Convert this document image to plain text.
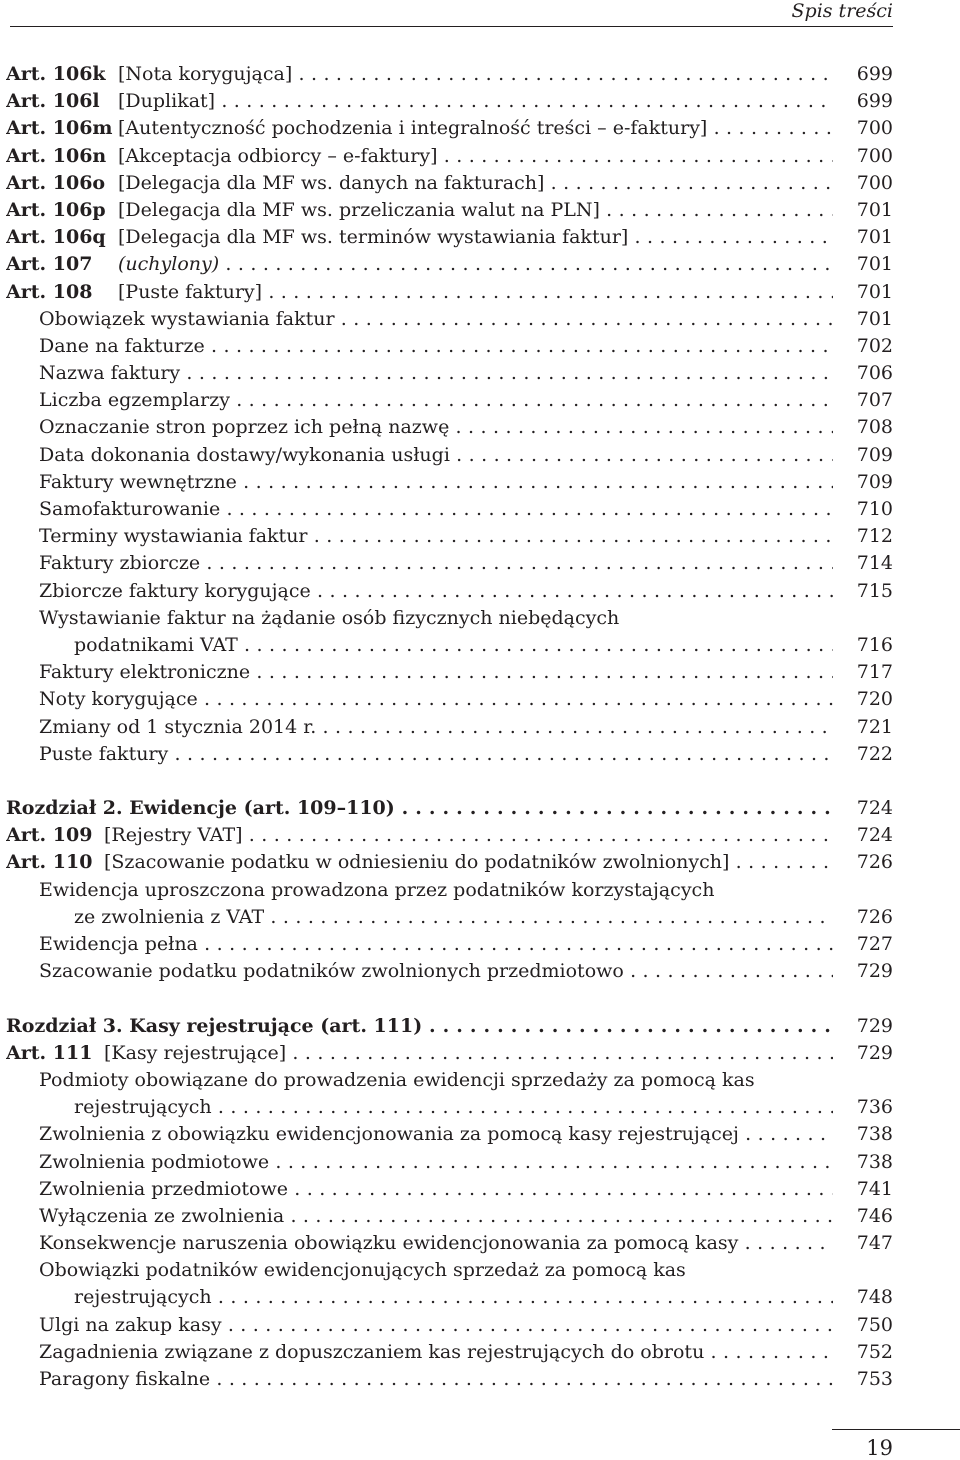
Spis treści
Art. 106k [Nota korygująca] . . .	699
Art. 106l [Duplikat] . . .	699
Art. 106m [Autentyczność pochodzenia i integralność treści – e-faktury] . . .	700
Art. 106n [Akceptacja odbiorcy – e-faktury] . . .	700
Art. 106o [Delegacja dla MF ws. danych na fakturach] . . .	700
Art. 106p [Delegacja dla MF ws. przeliczania walut na PLN] . . .	701
Art. 106q [Delegacja dla MF ws. terminów wystawiania faktur] . . .	701
Art. 107 (uchylony) . . .	701
Art. 108 [Puste faktury] . . .	701
Obowiązek wystawiania faktur . . .	701
Dane na fakturze . . .	702
Nazwa faktury . . .	706
Liczba egzemplarzy . . .	707
Oznaczanie stron poprzez ich pełną nazwę . . .	708
Data dokonania dostawy/wykonania usługi . . .	709
Faktury wewnętrzne . . .	709
Samofakturowanie . . .	710
Terminy wystawiania faktur . . .	712
Faktury zbiorcze . . .	714
Zbiorcze faktury korygujące . . .	715
Wystawianie faktur na żądanie osób fizycznych niebędących
podatnikami VAT . . .	716
Faktury elektroniczne . . .	717
Noty korygujące . . .	720
Zmiany od 1 stycznia 2014 r. . . .	721
Puste faktury . . .	722
Rozdział 2. Ewidencje (art. 109–110) . . .	724
Art. 109 [Rejestry VAT] . . .	724
Art. 110 [Szacowanie podatku w odniesieniu do podatników zwolnionych] . . .	726
Ewidencja uproszczona prowadzona przez podatników korzystających
ze zwolnienia z VAT . . .	726
Ewidencja pełna . . .	727
Szacowanie podatku podatników zwolnionych przedmiotowo . . .	729
Rozdział 3. Kasy rejestrujące (art. 111) . . .	729
Art. 111 [Kasy rejestrujące] . . .	729
Podmioty obowiązane do prowadzenia ewidencji sprzedaży za pomocą kas
rejestrujących . . .	736
Zwolnienia z obowiązku ewidencjonowania za pomocą kasy rejestrującej . . .	738
Zwolnienia podmiotowe . . .	738
Zwolnienia przedmiotowe . . .	741
Wyłączenia ze zwolnienia . . .	746
Konsekwencje naruszenia obowiązku ewidencjonowania za pomocą kasy . . .	747
Obowiązki podatników ewidencjonujących sprzedaż za pomocą kas
rejestrujących . . .	748
Ulgi na zakup kasy . . .	750
Zagadnienia związane z dopuszczaniem kas rejestrujących do obrotu . . .	752
Paragony fiskalne . . .	753
19
